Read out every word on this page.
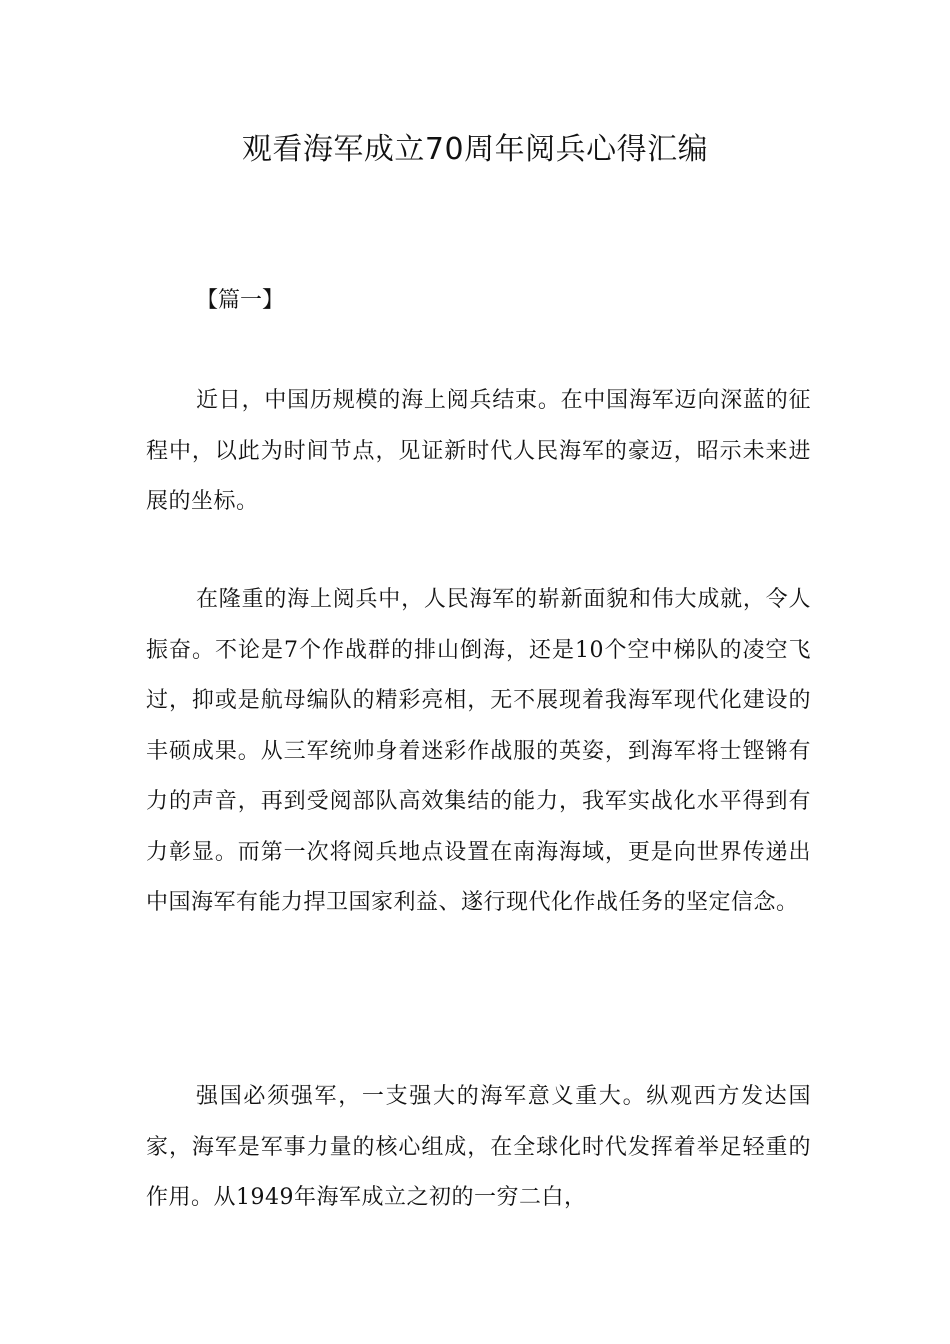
观看海军成立70周年阅兵心得汇编

【篇一】

近日，中国历规模的海上阅兵结束。在中国海军迈向深蓝的征程中，以此为时间节点，见证新时代人民海军的豪迈，昭示未来进展的坐标。

在隆重的海上阅兵中，人民海军的崭新面貌和伟大成就，令人振奋。不论是7个作战群的排山倒海，还是10个空中梯队的凌空飞过，抑或是航母编队的精彩亮相，无不展现着我海军现代化建设的丰硕成果。从三军统帅身着迷彩作战服的英姿，到海军将士铿锵有力的声音，再到受阅部队高效集结的能力，我军实战化水平得到有力彰显。而第一次将阅兵地点设置在南海海域，更是向世界传递出中国海军有能力捍卫国家利益、遂行现代化作战任务的坚定信念。

强国必须强军，一支强大的海军意义重大。纵观西方发达国家，海军是军事力量的核心组成，在全球化时代发挥着举足轻重的作用。从1949年海军成立之初的一穷二白，
